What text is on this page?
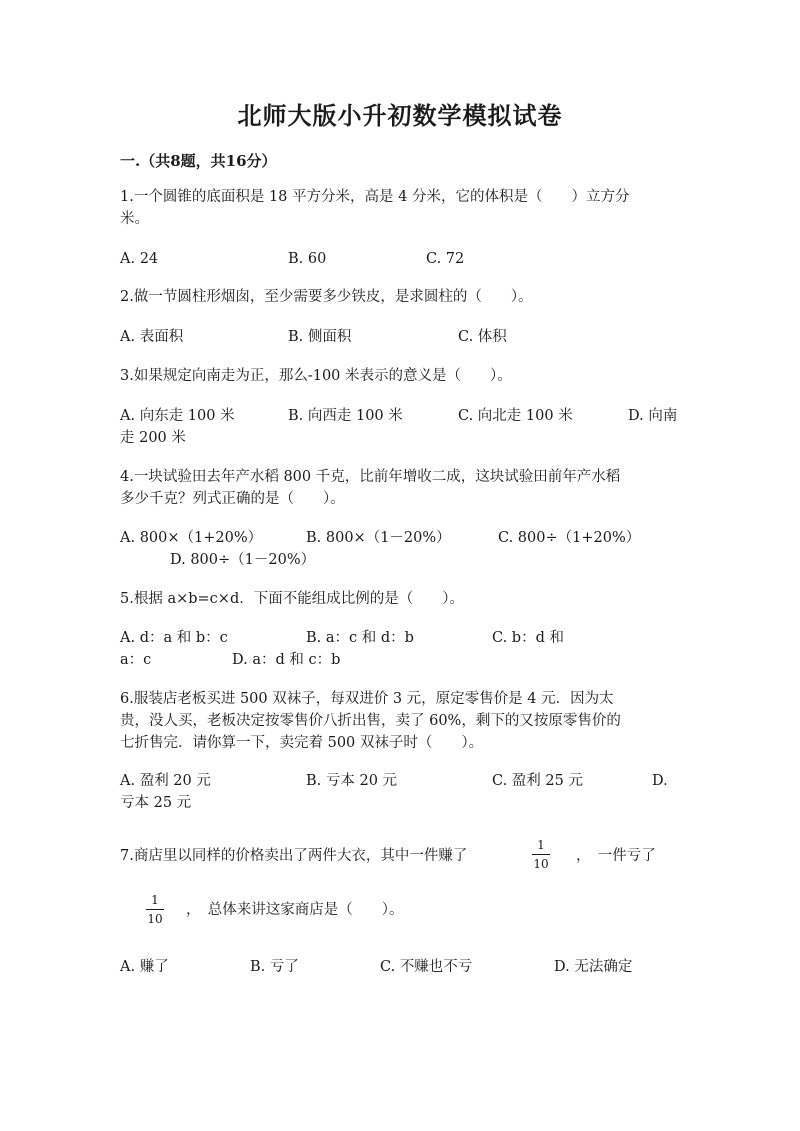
北师大版小升初数学模拟试卷
一.（共8题，共16分）
1.一个圆锥的底面积是 18 平方分米，高是 4 分米，它的体积是（　　）立方分
米。
A. 24	B. 60	C. 72
2.做一节圆柱形烟囱，至少需要多少铁皮，是求圆柱的（　　）。
A. 表面积	B. 侧面积	C. 体积
3.如果规定向南走为正，那么-100 米表示的意义是（　　）。
A. 向东走 100 米	B. 向西走 100 米	C. 向北走 100 米	D. 向南
走 200 米
4.一块试验田去年产水稻 800 千克，比前年增收二成，这块试验田前年产水稻
多少千克？列式正确的是（　　）。
A. 800×（1+20%）	B. 800×（1－20%）	C. 800÷（1+20%）
D. 800÷（1－20%）
5.根据 a×b=c×d．下面不能组成比例的是（　　）。
A. d：a 和 b：c	B. a：c 和 d：b	C. b：d 和
a：c	D. a：d 和 c：b
6.服装店老板买进 500 双袜子，每双进价 3 元，原定零售价是 4 元．因为太
贵，没人买，老板决定按零售价八折出售，卖了 60%，剩下的又按原零售价的
七折售完．请你算一下，卖完着 500 双袜子时（　　）。
A. 盈利 20 元	B. 亏本 20 元	C. 盈利 25 元	D.
亏本 25 元
7.商店里以同样的价格卖出了两件大衣，其中一件赚了
1
10 ，　一件亏了
1
10
，　总体来讲这家商店是（　　）。
A. 赚了	B. 亏了	C. 不赚也不亏	D. 无法确定
